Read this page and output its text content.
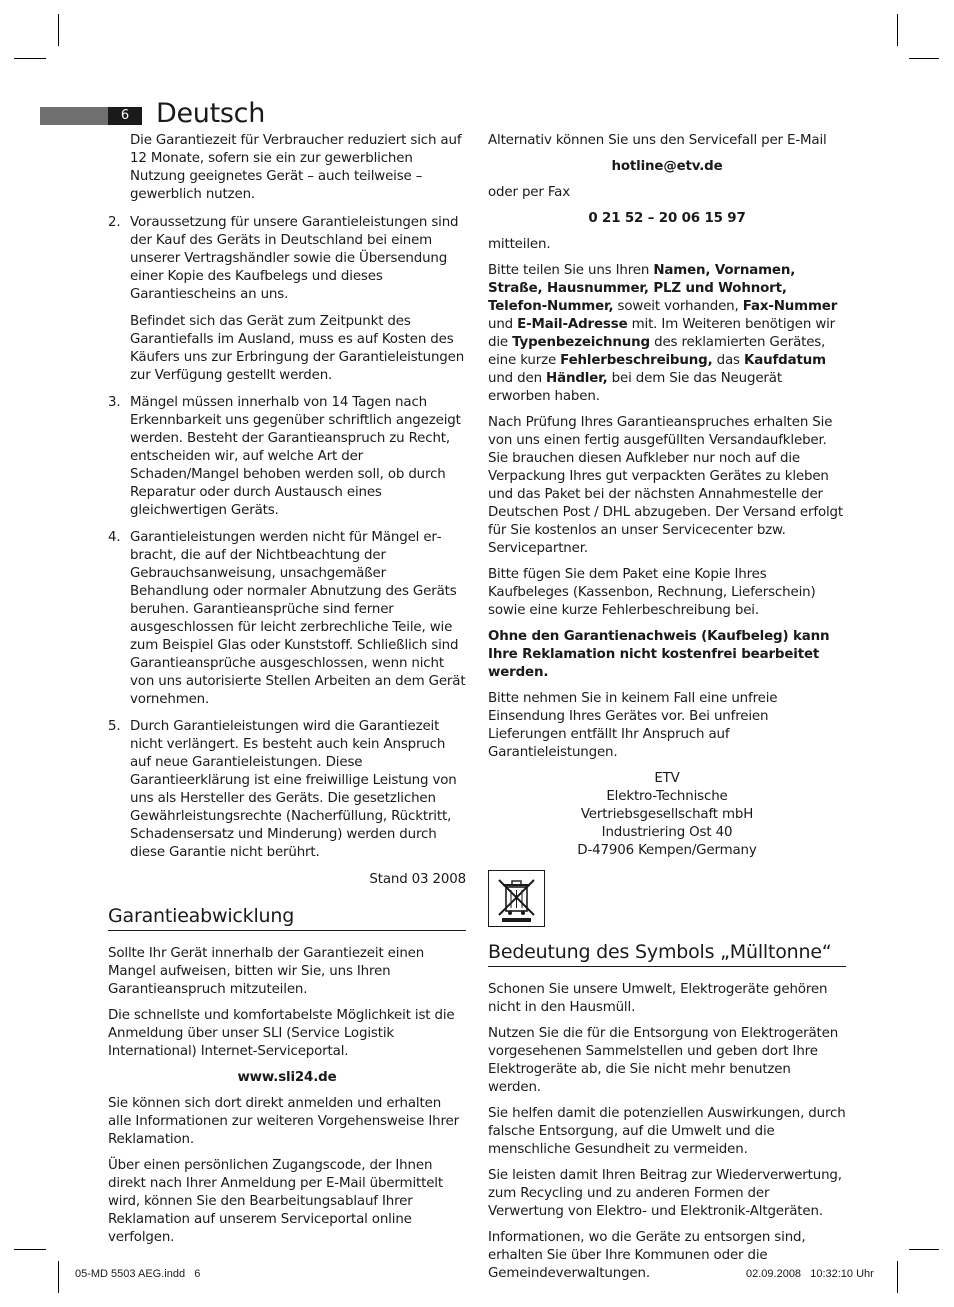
6 Deutsch

Die Garantiezeit für Verbraucher reduziert sich auf 12 Monate, sofern sie ein zur gewerblichen Nutzung geeignetes Gerät – auch teilweise – gewerblich nutzen.

2. Voraussetzung für unsere Garantieleistungen sind der Kauf des Geräts in Deutschland bei einem unserer Vertragshändler sowie die Übersendung einer Kopie des Kaufbelegs und dieses Garantiescheins an uns.

Befindet sich das Gerät zum Zeitpunkt des Garantiefalls im Ausland, muss es auf Kosten des Käufers uns zur Erbringung der Garantieleistungen zur Verfügung gestellt werden.

3. Mängel müssen innerhalb von 14 Tagen nach Erkennbarkeit uns gegenüber schriftlich angezeigt werden. Besteht der Garantieanspruch zu Recht, entscheiden wir, auf welche Art der Schaden/Mangel behoben werden soll, ob durch Reparatur oder durch Austausch eines gleichwertigen Geräts.

4. Garantieleistungen werden nicht für Mängel erbracht, die auf der Nichtbeachtung der Gebrauchsanweisung, unsachgemäßer Behandlung oder normaler Abnutzung des Geräts beruhen. Garantieansprüche sind ferner ausgeschlossen für leicht zerbrechliche Teile, wie zum Beispiel Glas oder Kunststoff. Schließlich sind Garantieansprüche ausgeschlossen, wenn nicht von uns autorisierte Stellen Arbeiten an dem Gerät vornehmen.

5. Durch Garantieleistungen wird die Garantiezeit nicht verlängert. Es besteht auch kein Anspruch auf neue Garantieleistungen. Diese Garantieerklärung ist eine freiwillige Leistung von uns als Hersteller des Geräts. Die gesetzlichen Gewährleistungsrechte (Nacherfüllung, Rücktritt, Schadensersatz und Minderung) werden durch diese Garantie nicht berührt.

Stand 03 2008

Garantieabwicklung

Sollte Ihr Gerät innerhalb der Garantiezeit einen Mangel aufweisen, bitten wir Sie, uns Ihren Garantieanspruch mitzuteilen.

Die schnellste und komfortabelste Möglichkeit ist die Anmeldung über unser SLI (Service Logistik International) Internet-Serviceportal.

www.sli24.de

Sie können sich dort direkt anmelden und erhalten alle Informationen zur weiteren Vorgehensweise Ihrer Reklamation.

Über einen persönlichen Zugangscode, der Ihnen direkt nach Ihrer Anmeldung per E-Mail übermittelt wird, können Sie den Bearbeitungsablauf Ihrer Reklamation auf unserem Serviceportal online verfolgen.

Alternativ können Sie uns den Servicefall per E-Mail

hotline@etv.de

oder per Fax

0 21 52 – 20 06 15 97

mitteilen.

Bitte teilen Sie uns Ihren Namen, Vornamen, Straße, Hausnummer, PLZ und Wohnort, Telefon-Nummer, soweit vorhanden, Fax-Nummer und E-Mail-Adresse mit. Im Weiteren benötigen wir die Typenbezeichnung des reklamierten Gerätes, eine kurze Fehlerbeschreibung, das Kaufdatum und den Händler, bei dem Sie das Neugerät erworben haben.

Nach Prüfung Ihres Garantieanspruches erhalten Sie von uns einen fertig ausgefüllten Versandaufkleber. Sie brauchen diesen Aufkleber nur noch auf die Verpackung Ihres gut verpackten Gerätes zu kleben und das Paket bei der nächsten Annahmestelle der Deutschen Post / DHL abzugeben. Der Versand erfolgt für Sie kostenlos an unser Servicecenter bzw. Servicepartner.

Bitte fügen Sie dem Paket eine Kopie Ihres Kaufbeleges (Kassenbon, Rechnung, Lieferschein) sowie eine kurze Fehlerbeschreibung bei.

Ohne den Garantienachweis (Kaufbeleg) kann Ihre Reklamation nicht kostenfrei bearbeitet werden.

Bitte nehmen Sie in keinem Fall eine unfreie Einsendung Ihres Gerätes vor. Bei unfreien Lieferungen entfällt Ihr Anspruch auf Garantieleistungen.

ETV
Elektro-Technische
Vertriebsgesellschaft mbH
Industriering Ost 40
D-47906 Kempen/Germany
Bedeutung des Symbols „Mülltonne“

Schonen Sie unsere Umwelt, Elektrogeräte gehören nicht in den Hausmüll.

Nutzen Sie die für die Entsorgung von Elektrogeräten vorgesehenen Sammelstellen und geben dort Ihre Elektrogeräte ab, die Sie nicht mehr benutzen werden.

Sie helfen damit die potenziellen Auswirkungen, durch falsche Entsorgung, auf die Umwelt und die menschliche Gesundheit zu vermeiden.

Sie leisten damit Ihren Beitrag zur Wiederverwertung, zum Recycling und zu anderen Formen der Verwertung von Elektro- und Elektronik-Altgeräten.

Informationen, wo die Geräte zu entsorgen sind, erhalten Sie über Ihre Kommunen oder die Gemeindeverwaltungen.

05-MD 5503 AEG.indd   6	02.09.2008   10:32:10 Uhr
